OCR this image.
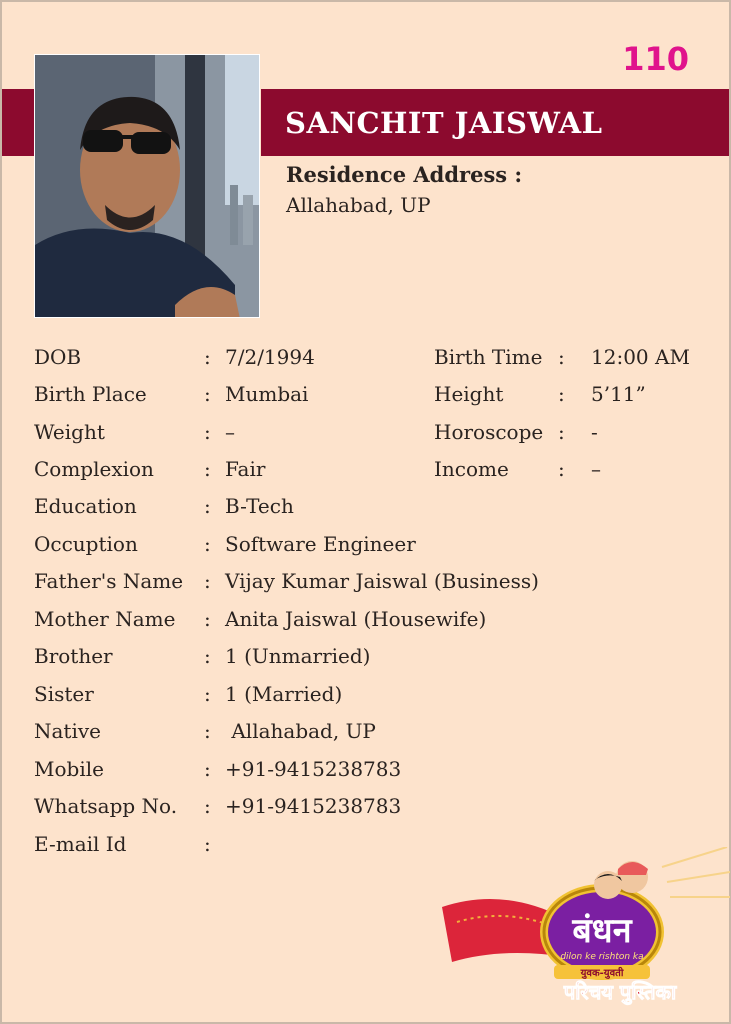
110
SANCHIT JAISWAL
Residence Address :
Allahabad, UP
DOB	: 7/2/1994	Birth Time : 12:00 AM
Birth Place	: Mumbai	Height	: 5’11”
Weight	: –	Horoscope : -
Complexion	: Fair	Income : –
Education	: B-Tech
Occuption	: Software Engineer
Father's Name : Vijay Kumar Jaiswal (Business)
Mother Name : Anita Jaiswal (Housewife)
Brother	: 1 (Unmarried)
Sister	: 1 (Married)
Native	: Allahabad, UP
Mobile	: +91-9415238783
Whatsapp No. : +91-9415238783
E-mail Id	:
बंधन
dilon ke rishton ka
युवक-युवती
परिचय पुस्तिका
